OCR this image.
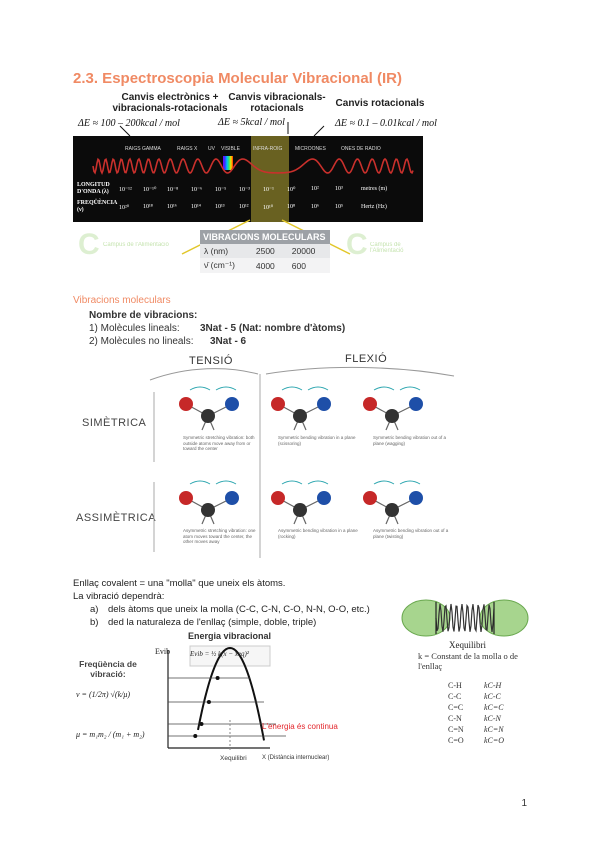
2.3. Espectroscopia Molecular Vibracional (IR)
Canvis electrònics +
vibracionals-rotacionals
Canvis vibracionals-
rotacionals	Canvis rotacionals
ΔE ≈ 100 – 200kcal / mol	ΔE ≈ 5kcal / mol	ΔE ≈ 0.1 – 0.01kcal / mol
RAIGS GAMMA	RAIGS X UV VISIBLE	INFRA-ROIG	MICROONES	ONES DE RADIO
LONGITUD D'ONDA (λ)
FREQÜÈNCIA (ν)
10⁻¹² 10⁻¹⁰ 10⁻⁸ 10⁻⁶ 10⁻⁵ 10⁻³ 10⁻¹ 10⁰	10²	10³	metres (m)
10²⁰ 10¹⁸ 10¹⁶ 10¹⁴ 10¹³ 10¹² 10¹⁰ 10⁸	10⁶	10⁵	Hertz (Hz)
C Campus de l'Alimentació	C Campus de l'Alimentació
VIBRACIONS MOLECULARS		
λ (nm)	2500	20000
ν̄ (cm⁻¹)	4000	600
Vibracions moleculars
Nombre de vibracions:
1) Molècules lineals: 3Nat - 5 (Nat: nombre d'àtoms)
2) Molècules no lineals: 3Nat - 6
TENSIÓ	FLEXIÓ
SIMÈTRICA
ASSIMÈTRICA
Symmetric stretching vibration: both outside atoms move away from or toward the center
Symmetric bending vibration in a plane (scissoring)
Symmetric bending vibration out of a plane (wagging)
Asymmetric stretching vibration: one atom moves toward the center, the other moves away
Asymmetric bending vibration in a plane (rocking)
Asymmetric bending vibration out of a plane (twisting)
Enllaç covalent = una "molla" que uneix els àtoms.
La vibració dependrà:
a) dels àtoms que uneix la molla (C-C, C-N, C-O, N-N, O-O, etc.)
b) ded la naturaleza de l'enllaç (simple, doble, triple)
Xequilibri
k = Constant de la molla o de l'enllaç
C-H	kC-H
C-C	kC-C
C=C	kC=C
C-N	kC-N
C=N	kC=N
C=O	kC=O
Energia vibracional
Freqüència de vibració:
ν = (1/2π) √(k/μ)
μ = m₁m₂ / (m₁ + m₂)
Evib	Evib = ½ k(x − xeq)²
L'energia és continua
Xequilibri	X (Distància internuclear)
1
